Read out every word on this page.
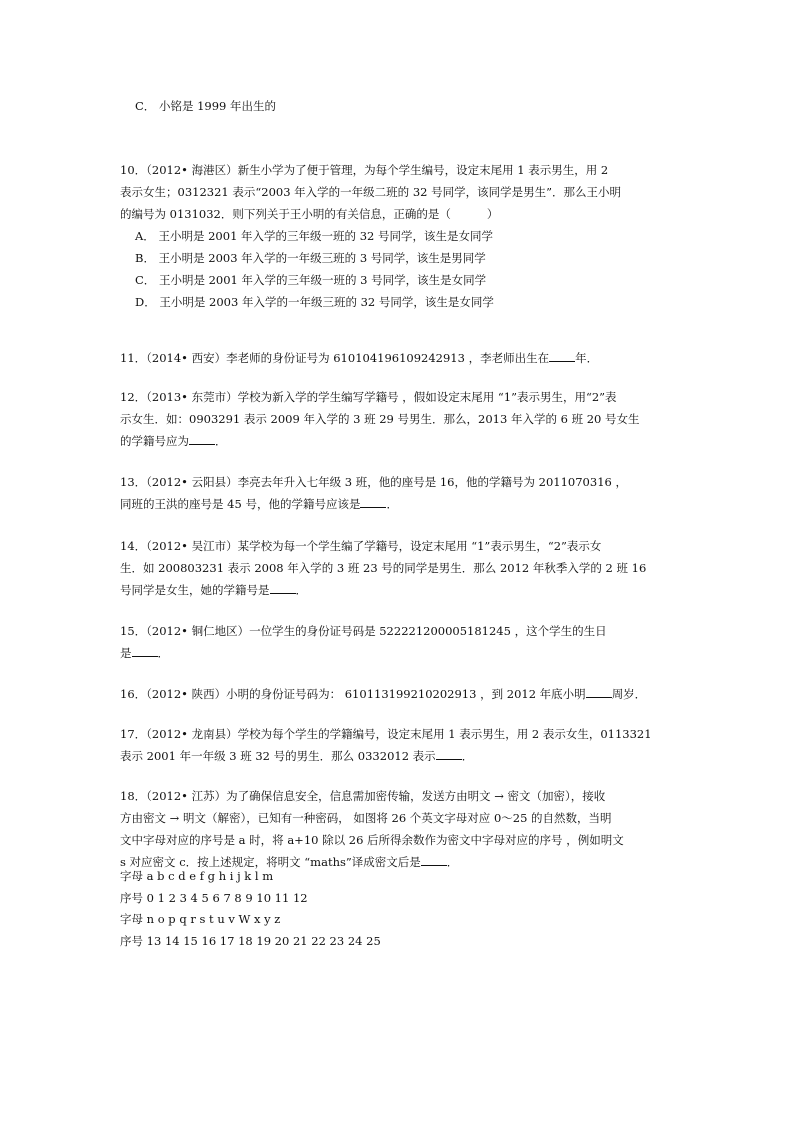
C． 小铭是 1999 年出生的
10．（2012• 海港区）新生小学为了便于管理，为每个学生编号，设定末尾用 1 表示男生，用 2
表示女生；0312321 表示“2003 年入学的一年级二班的 32 号同学，该同学是男生”．那么王小明
的编号为 0131032．则下列关于王小明的有关信息，正确的是（	）
A． 王小明是 2001 年入学的三年级一班的 32 号同学，该生是女同学
B． 王小明是 2003 年入学的一年级三班的 3 号同学，该生是男同学
C． 王小明是 2001 年入学的三年级一班的 3 号同学，该生是女同学
D． 王小明是 2003 年入学的一年级三班的 32 号同学，该生是女同学
11．（2014• 西安）李老师的身份证号为 610104196109242913 ，李老师出生在 年．
12．（2013• 东莞市）学校为新入学的学生编写学籍号 ，假如设定末尾用 “1”表示男生，用“2”表
示女生．如：0903291 表示 2009 年入学的 3 班 29 号男生．那么，2013 年入学的 6 班 20 号女生
的学籍号应为 ．
13．（2012• 云阳县）李亮去年升入七年级 3 班，他的座号是 16，他的学籍号为 2011070316 ，
同班的王洪的座号是 45 号，他的学籍号应该是 ．
14．（2012• 吴江市）某学校为每一个学生编了学籍号，设定末尾用 “1”表示男生，“2”表示女
生．如 200803231 表示 2008 年入学的 3 班 23 号的同学是男生．那么 2012 年秋季入学的 2 班 16
号同学是女生，她的学籍号是 ．
15．（2012• 铜仁地区）一位学生的身份证号码是 522221200005181245 ，这个学生的生日
是 ．
16．（2012• 陕西）小明的身份证号码为： 610113199210202913 ，到 2012 年底小明 周岁．
17．（2012• 龙南县）学校为每个学生的学籍编号，设定末尾用 1 表示男生，用 2 表示女生，0113321
表示 2001 年一年级 3 班 32 号的男生．那么 0332012 表示 ．
18．（2012• 江苏）为了确保信息安全，信息需加密传输，发送方由明文 → 密文（加密），接收
方由密文 → 明文（解密），已知有一种密码， 如图将 26 个英文字母对应 0～25 的自然数，当明
文中字母对应的序号是 a 时，将 a+10 除以 26 后所得余数作为密文中字母对应的序号 ，例如明文
s 对应密文 c．按上述规定，将明文 “maths”译成密文后是 ．
字母 a b c d e f g h i j k l m
序号 0 1 2 3 4 5 6 7 8 9 10 11 12
字母 n o p q r s t u v W x y z
序号 13 14 15 16 17 18 19 20 21 22 23 24 25
